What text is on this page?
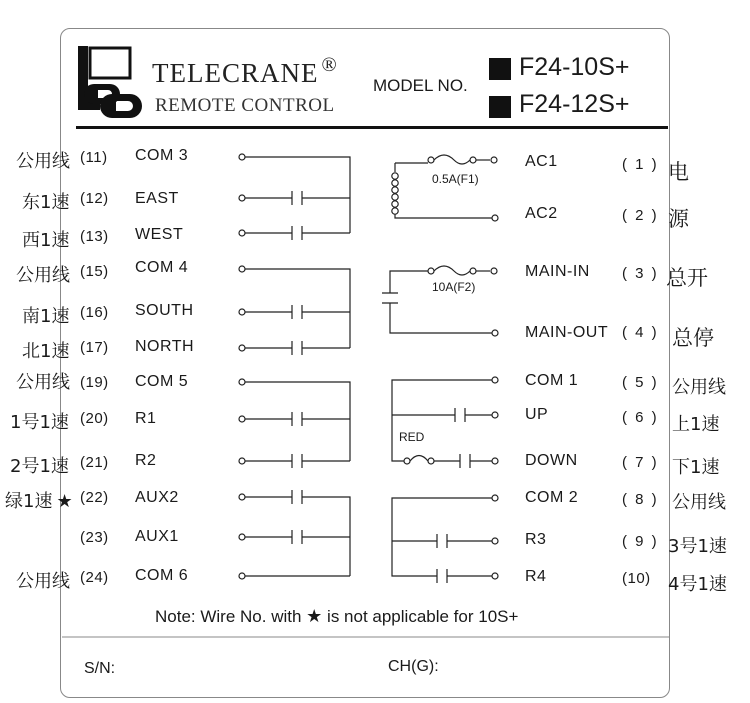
TELECRANE ®
REMOTE CONTROL
MODEL NO.
F24-10S+
F24-12S+
公用线 (11) COM 3
东1速 (12) EAST
西1速 (13) WEST
公用线 (15) COM 4
南1速 (16) SOUTH
北1速 (17) NORTH
公用线 (19) COM 5
1号1速 (20) R1
2号1速 (21) R2
绿1速 ★ (22) AUX2
(23) AUX1
公用线 (24) COM 6
AC1	( 1 ) 电
AC2	( 2 ) 源
MAIN-IN ( 3 ) 总开
MAIN-OUT ( 4 ) 总停
COM 1	( 5 ) 公用线
UP	( 6 ) 上1速
DOWN	( 7 ) 下1速
COM 2	( 8 ) 公用线
R3	( 9 ) 3号1速
R4	(10) 4号1速
0.5A(F1)
10A(F2)
RED
Note: Wire No. with ★ is not applicable for 10S+
S/N:	CH(G):
